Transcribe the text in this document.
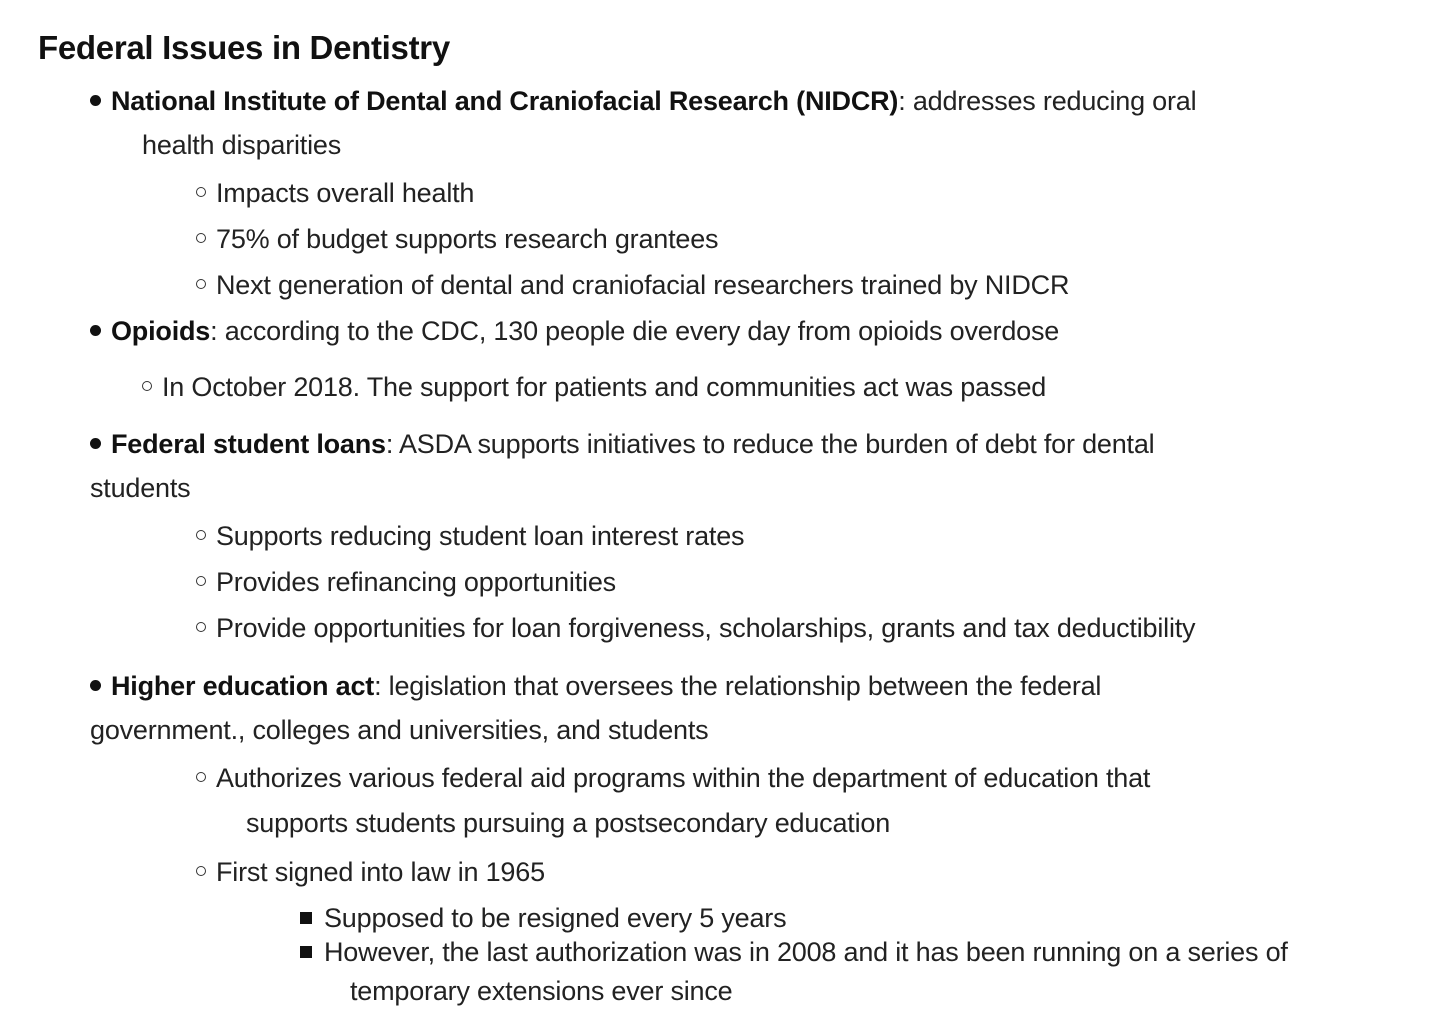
Federal Issues in Dentistry
National Institute of Dental and Craniofacial Research (NIDCR): addresses reducing oral
health disparities
Impacts overall health
75% of budget supports research grantees
Next generation of dental and craniofacial researchers trained by NIDCR
Opioids: according to the CDC, 130 people die every day from opioids overdose
In October 2018. The support for patients and communities act was passed
Federal student loans: ASDA supports initiatives to reduce the burden of debt for dental
students
Supports reducing student loan interest rates
Provides refinancing opportunities
Provide opportunities for loan forgiveness, scholarships, grants and tax deductibility
Higher education act: legislation that oversees the relationship between the federal
government., colleges and universities, and students
Authorizes various federal aid programs within the department of education that
supports students pursuing a postsecondary education
First signed into law in 1965
Supposed to be resigned every 5 years
However, the last authorization was in 2008 and it has been running on a series of
temporary extensions ever since
